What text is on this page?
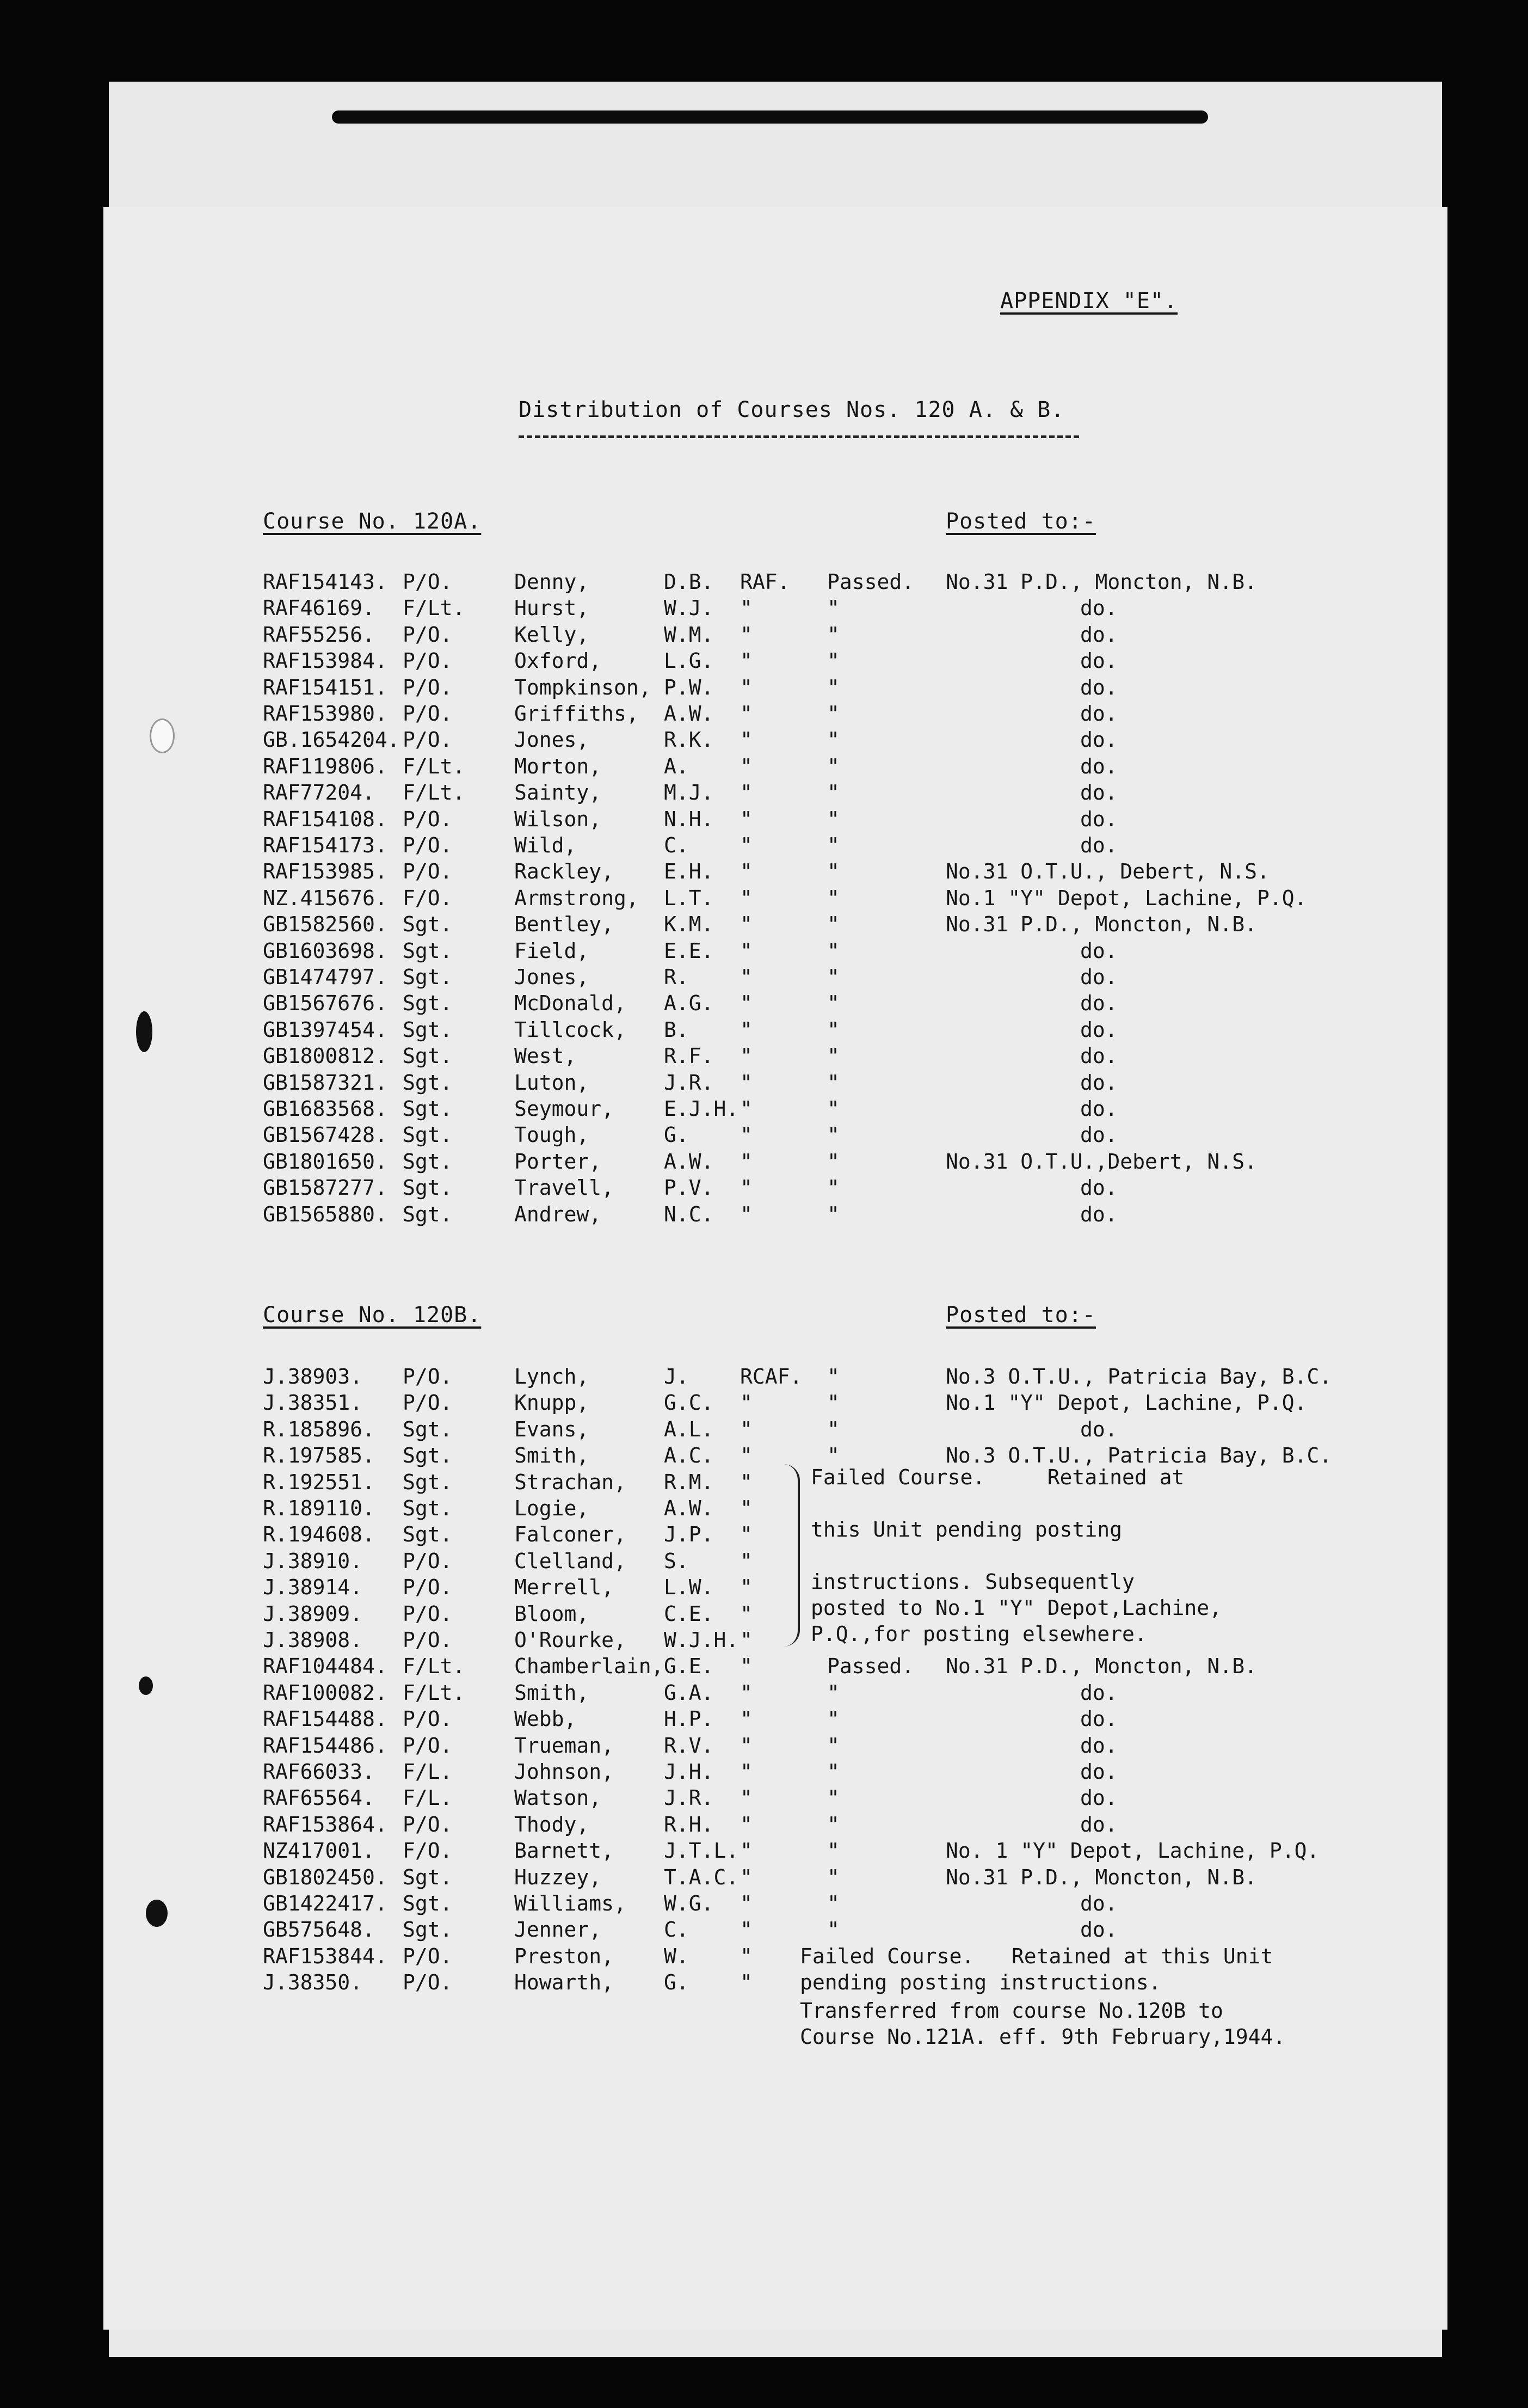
APPENDIX "E".
Distribution of Courses Nos. 120 A. & B.
Course No. 120A.	Posted to:-
RAF154143. P/O.	Denny,	D.B. RAF. Passed. No.31 P.D., Moncton, N.B.
RAF46169. F/Lt. Hurst,	W.J. "	"	do.
RAF55256. P/O.	Kelly,	W.M. "	"	do.
RAF153984. P/O.	Oxford,	L.G. "	"	do.
RAF154151. P/O.	Tompkinson, P.W. "	"	do.
RAF153980. P/O.	Griffiths, A.W. "	"	do.
GB.1654204. P/O.	Jones,	R.K. "	"	do.
RAF119806. F/Lt. Morton,	A. "	"	do.
RAF77204. F/Lt. Sainty,	M.J. "	"	do.
RAF154108. P/O.	Wilson,	N.H. "	"	do.
RAF154173. P/O.	Wild,	C. "	"	do.
RAF153985. P/O.	Rackley, E.H. "	"	No.31 O.T.U., Debert, N.S.
NZ.415676. F/O.	Armstrong, L.T. "	"	No.1 "Y" Depot, Lachine, P.Q.
GB1582560. Sgt.	Bentley, K.M. "	"	No.31 P.D., Moncton, N.B.
GB1603698. Sgt.	Field,	E.E. "	"	do.
GB1474797. Sgt.	Jones,	R. "	"	do.
GB1567676. Sgt.	McDonald, A.G. "	"	do.
GB1397454. Sgt.	Tillcock, B. "	"	do.
GB1800812. Sgt.	West,	R.F. "	"	do.
GB1587321. Sgt.	Luton,	J.R. "	"	do.
GB1683568. Sgt.	Seymour, E.J.H. "	"	do.
GB1567428. Sgt.	Tough,	G. "	"	do.
GB1801650. Sgt.	Porter,	A.W. "	"	No.31 O.T.U.,Debert, N.S.
GB1587277. Sgt.	Travell, P.V. "	"	do.
GB1565880. Sgt.	Andrew,	N.C. "	"	do.
Course No. 120B.	Posted to:-
J.38903. P/O.	Lynch,	J. RCAF. "	No.3 O.T.U., Patricia Bay, B.C.
J.38351. P/O.	Knupp,	G.C. "	"	No.1 "Y" Depot, Lachine, P.Q.
R.185896. Sgt.	Evans,	A.L. "	"	do.
R.197585. Sgt.	Smith,	A.C. "	"	No.3 O.T.U., Patricia Bay, B.C.
R.192551. Sgt.	Strachan, R.M. "
R.189110. Sgt.	Logie,	A.W. "
R.194608. Sgt.	Falconer, J.P. "
J.38910. P/O.	Clelland, S. "
J.38914. P/O.	Merrell, L.W. "
J.38909. P/O.	Bloom,	C.E. "
J.38908. P/O.	O'Rourke, W.J.H. "
RAF104484. F/Lt. Chamberlain, G.E. "	Passed. No.31 P.D., Moncton, N.B.
RAF100082. F/Lt. Smith,	G.A. "	"	do.
RAF154488. P/O.	Webb,	H.P. "	"	do.
RAF154486. P/O.	Trueman, R.V. "	"	do.
RAF66033. F/L.	Johnson, J.H. "	"	do.
RAF65564. F/L.	Watson,	J.R. "	"	do.
RAF153864. P/O.	Thody,	R.H. "	"	do.
NZ417001. F/O.	Barnett, J.T.L. "	"	No. 1 "Y" Depot, Lachine, P.Q.
GB1802450. Sgt.	Huzzey,	T.A.C. "	"	No.31 P.D., Moncton, N.B.
GB1422417. Sgt.	Williams, W.G. "	"	do.
GB575648. Sgt.	Jenner,	C. "	"	do.
RAF153844. P/O.	Preston, W. "
J.38350. P/O.	Howarth, G. "
Failed Course.     Retained at
this Unit pending posting
instructions. Subsequently
posted to No.1 "Y" Depot,Lachine,
P.Q.,for posting elsewhere.
Failed Course.   Retained at this Unit
pending posting instructions.
Transferred from course No.120B to
Course No.121A. eff. 9th February,1944.
